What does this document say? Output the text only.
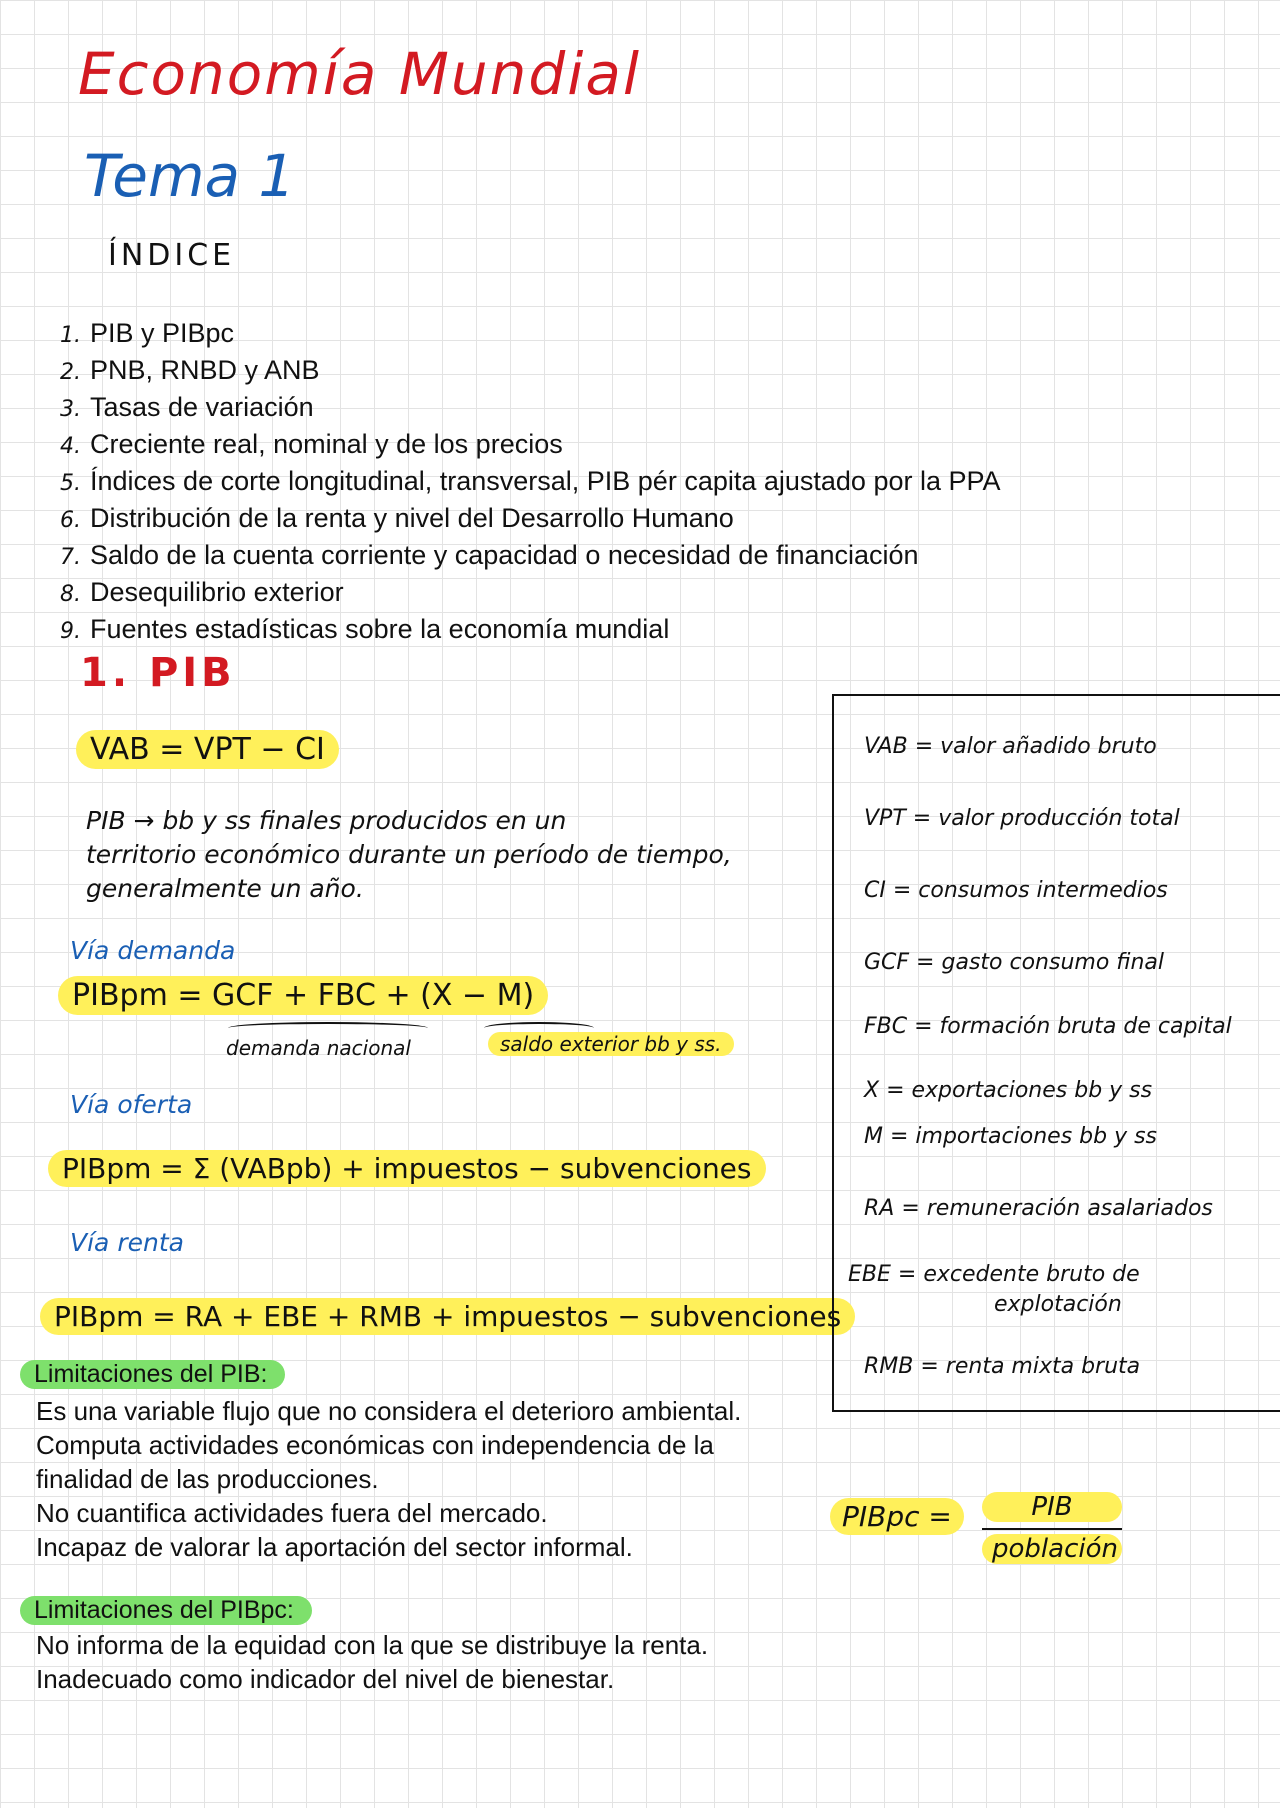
Economía Mundial
Tema 1
ÍNDICE
1. PIB y PIBpc
2. PNB, RNBD y ANB
3. Tasas de variación
4. Creciente real, nominal y de los precios
5. Índices de corte longitudinal, transversal, PIB pér capita ajustado por la PPA
6. Distribución de la renta y nivel del Desarrollo Humano
7. Saldo de la cuenta corriente y capacidad o necesidad de financiación
8. Desequilibrio exterior
9. Fuentes estadísticas sobre la economía mundial
1. PIB
VAB = VPT − CI
PIB → bb y ss finales producidos en un
territorio económico durante un período de tiempo,
generalmente un año.
Vía demanda
PIBpm = GCF + FBC + (X − M)
demanda nacional	saldo exterior bb y ss.
Vía oferta
PIBpm = Σ (VABpb) + impuestos − subvenciones
Vía renta
PIBpm = RA + EBE + RMB + impuestos − subvenciones
VAB = valor añadido bruto
VPT = valor producción total
CI = consumos intermedios
GCF = gasto consumo final
FBC = formación bruta de capital
X = exportaciones bb y ss
M = importaciones bb y ss
RA = remuneración asalariados
EBE = excedente bruto de
explotación
RMB = renta mixta bruta
Limitaciones del PIB:
Es una variable flujo que no considera el deterioro ambiental.
Computa actividades económicas con independencia de la
finalidad de las producciones.
No cuantifica actividades fuera del mercado.
Incapaz de valorar la aportación del sector informal.
Limitaciones del PIBpc:
No informa de la equidad con la que se distribuye la renta.
Inadecuado como indicador del nivel de bienestar.
PIBpc =	PIB
población
